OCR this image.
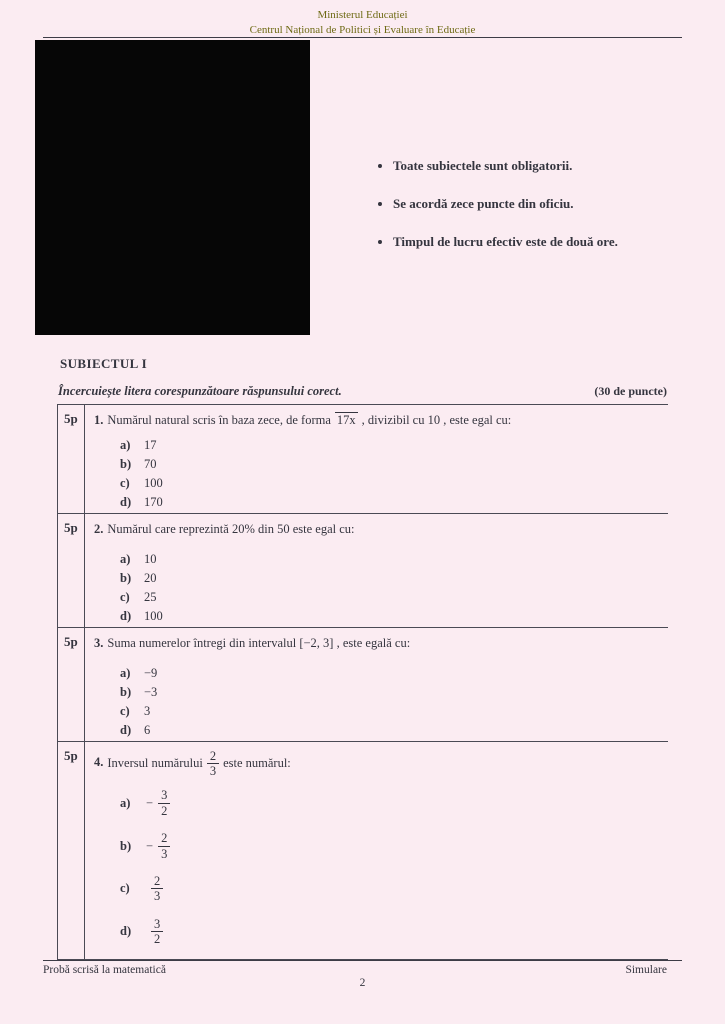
Ministerul Educației
Centrul Național de Politici și Evaluare în Educație
• Toate subiectele sunt obligatorii.
• Se acordă zece puncte din oficiu.
• Timpul de lucru efectiv este de două ore.
SUBIECTUL I
Încercuiește litera corespunzătoare răspunsului corect.	(30 de puncte)
5p	1. Numărul natural scris în baza zece, de forma 17x , divizibil cu 10 , este egal cu:
a) 17
b) 70
c) 100
d) 170
5p	2. Numărul care reprezintă 20% din 50 este egal cu:
a) 10
b) 20
c) 25
d) 100
5p	3. Suma numerelor întregi din intervalul [−2, 3] , este egală cu:
a) −9
b) −3
c) 3
d) 6
5p	4. Inversul numărului $\frac{2}{3}$ este numărul:
a)	− $\frac{3}{2}$
b)	− $\frac{2}{3}$
c)	$\frac{2}{3}$
d)	$\frac{3}{2}$
Probă scrisă la matematică	Simulare
2
